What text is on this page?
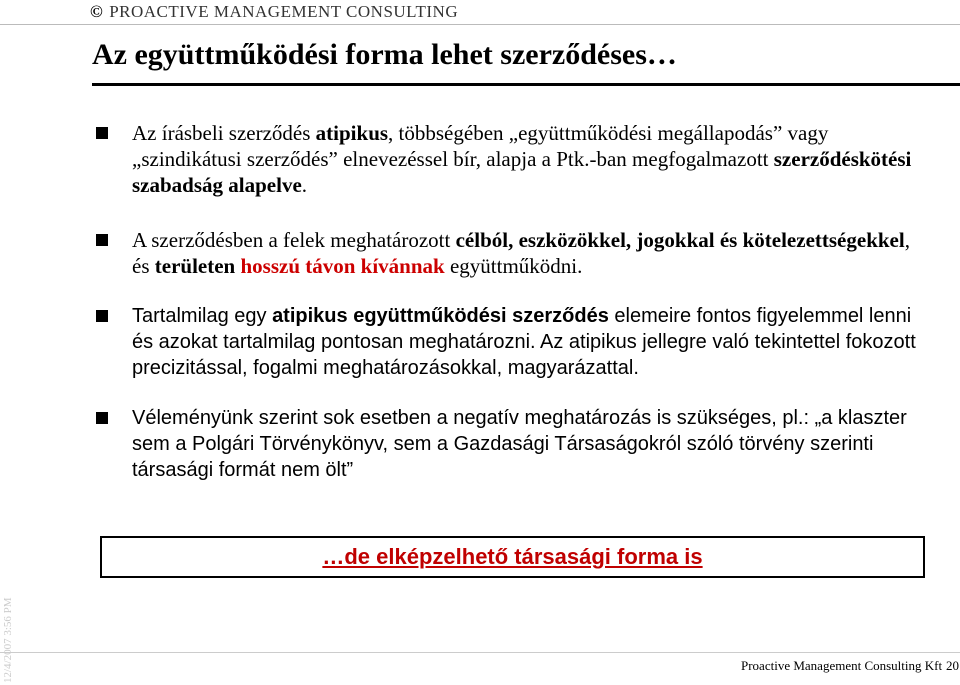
© PROACTIVE MANAGEMENT CONSULTING
Az együttműködési forma lehet szerződéses…
Az írásbeli szerződés atipikus, többségében „együttműködési megállapodás” vagy „szindikátusi szerződés” elnevezéssel bír, alapja a Ptk.-ban megfogalmazott szerződéskötési szabadság alapelve.
A szerződésben a felek meghatározott célból, eszközökkel, jogokkal és kötelezettségekkel, és területen hosszú távon kívánnak együttműködni.
Tartalmilag egy atipikus együttműködési szerződés elemeire fontos figyelemmel lenni és azokat tartalmilag pontosan meghatározni. Az atipikus jellegre való tekintettel fokozott precizitással, fogalmi meghatározásokkal, magyarázattal.
Véleményünk szerint sok esetben a negatív meghatározás is szükséges, pl.: „a klaszter sem a Polgári Törvénykönyv, sem a Gazdasági Társaságokról szóló törvény szerinti társasági formát nem ölt”
…de elképzelhető társasági forma is
12/4/2007 3:56 PM	Proactive Management Consulting Kft 20
